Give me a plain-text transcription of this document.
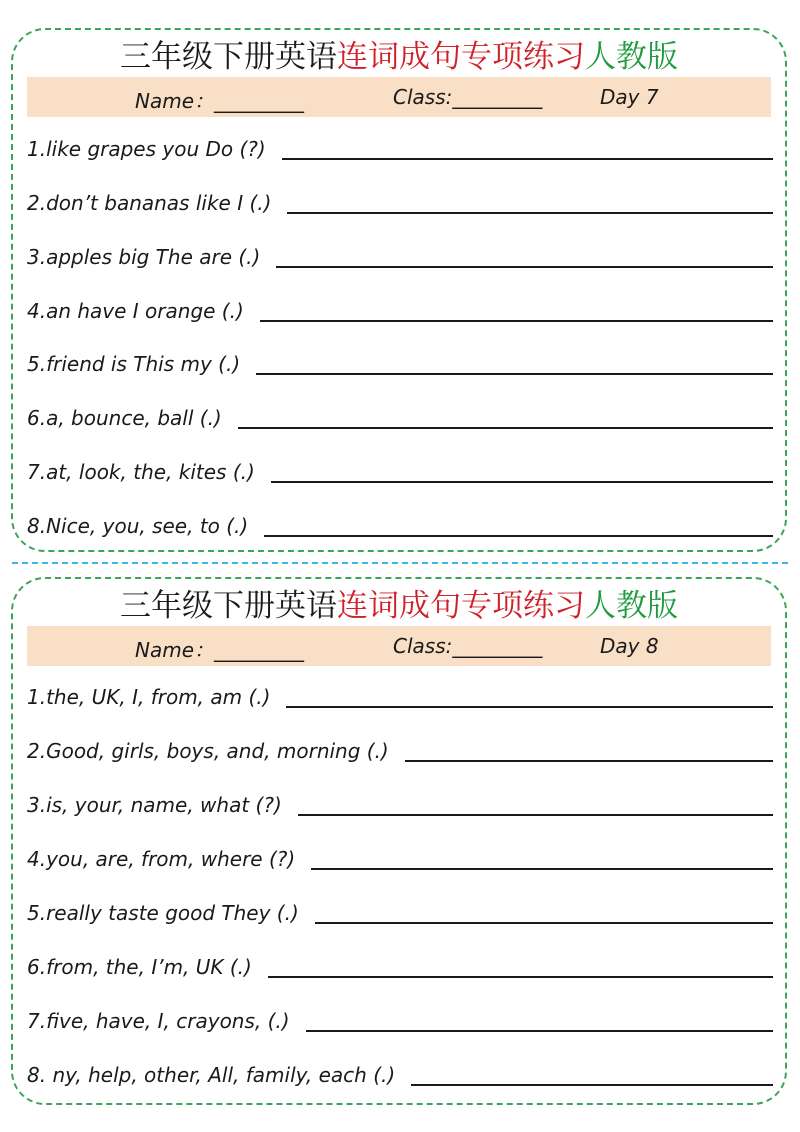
三年级下册英语连词成句专项练习人教版
Name：_________	Class:_________	Day 7
1.like grapes you Do (?)
2.don’t bananas like I (.)
3.apples big The are (.)
4.an have I orange (.)
5.friend is This my (.)
6.a, bounce, ball (.)
7.at, look, the, kites (.)
8.Nice, you, see, to (.)
三年级下册英语连词成句专项练习人教版
Name：_________	Class:_________	Day 8
1.the, UK, I, from, am (.)
2.Good, girls, boys, and, morning (.)
3.is, your, name, what (?)
4.you, are, from, where (?)
5.really taste good They (.)
6.from, the, I’m, UK (.)
7.five, have, I, crayons, (.)
8. ny, help, other, All, family, each (.)
